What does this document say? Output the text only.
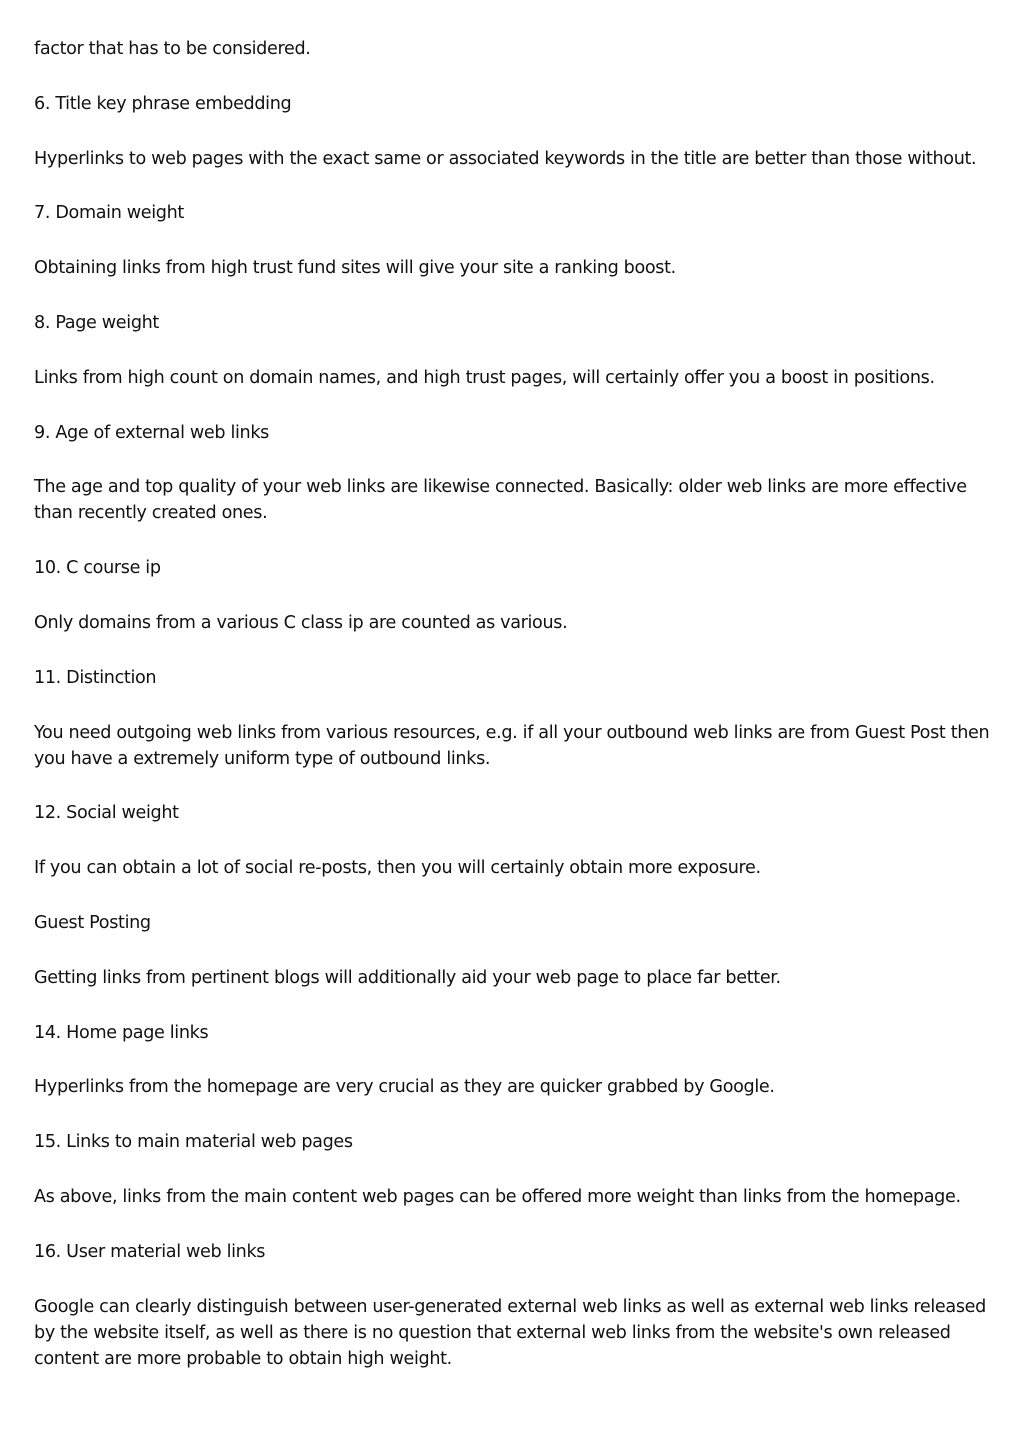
factor that has to be considered.

6. Title key phrase embedding

Hyperlinks to web pages with the exact same or associated keywords in the title are better than those without.

7. Domain weight

Obtaining links from high trust fund sites will give your site a ranking boost.

8. Page weight

Links from high count on domain names, and high trust pages, will certainly offer you a boost in positions.

9. Age of external web links

The age and top quality of your web links are likewise connected. Basically: older web links are more effective than recently created ones.

10. C course ip

Only domains from a various C class ip are counted as various.

11. Distinction

You need outgoing web links from various resources, e.g. if all your outbound web links are from Guest Post then you have a extremely uniform type of outbound links.

12. Social weight

If you can obtain a lot of social re-posts, then you will certainly obtain more exposure.

Guest Posting

Getting links from pertinent blogs will additionally aid your web page to place far better.

14. Home page links

Hyperlinks from the homepage are very crucial as they are quicker grabbed by Google.

15. Links to main material web pages

As above, links from the main content web pages can be offered more weight than links from the homepage.

16. User material web links

Google can clearly distinguish between user-generated external web links as well as external web links released by the website itself, as well as there is no question that external web links from the website's own released content are more probable to obtain high weight.
